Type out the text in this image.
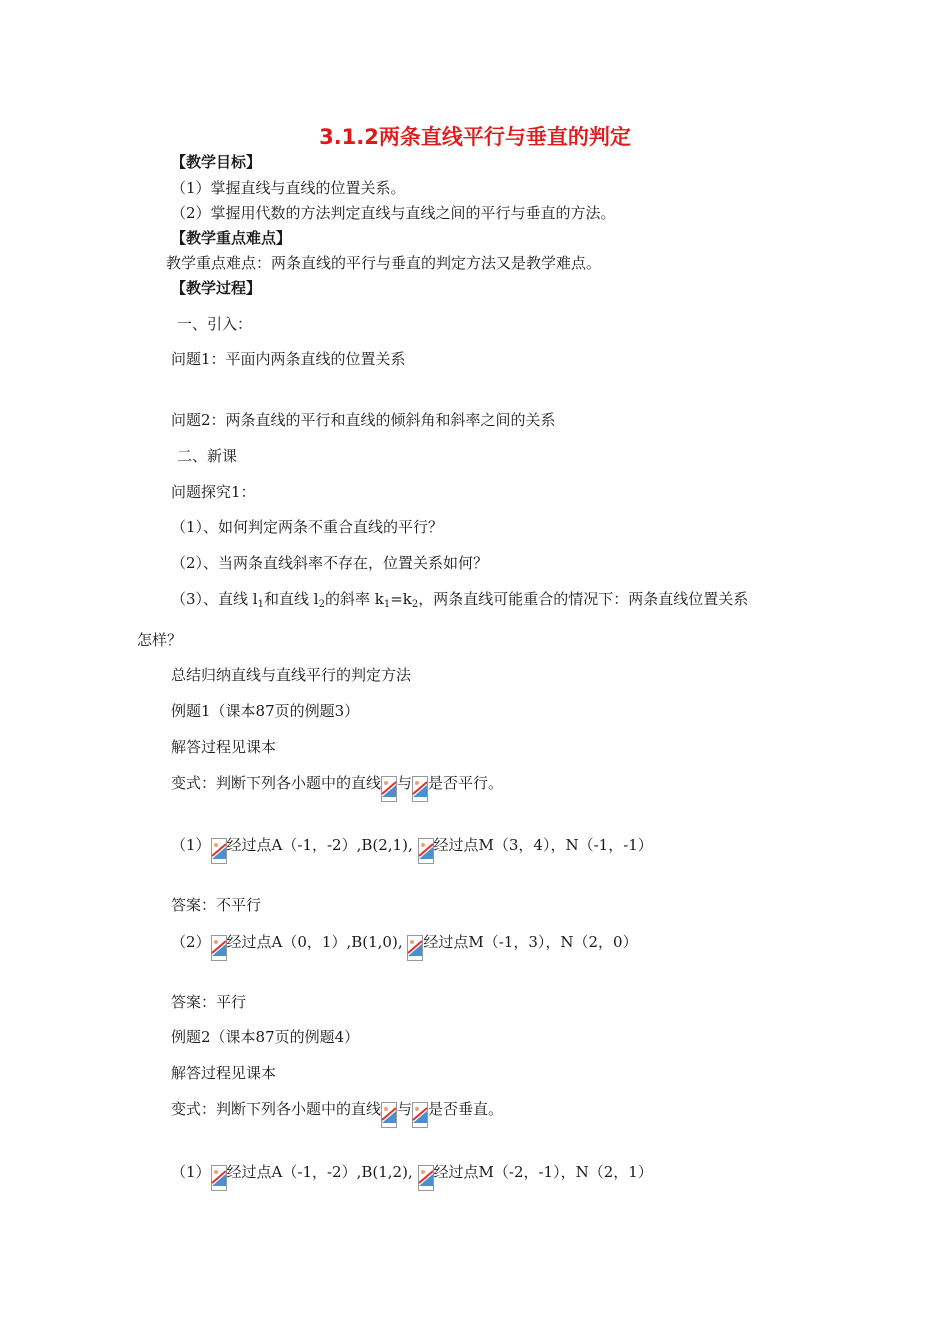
3.1.2两条直线平行与垂直的判定
【教学目标】
（1）掌握直线与直线的位置关系。
（2）掌握用代数的方法判定直线与直线之间的平行与垂直的方法。
【教学重点难点】
教学重点难点：两条直线的平行与垂直的判定方法又是教学难点。
【教学过程】
一、引入：
问题1：平面内两条直线的位置关系
问题2：两条直线的平行和直线的倾斜角和斜率之间的关系
二、新课
问题探究1：
（1）、如何判定两条不重合直线的平行？
（2）、当两条直线斜率不存在，位置关系如何？
（3）、直线 $l_1$和直线 $l_2$的斜率 $k_1=k_2$，两条直线可能重合的情况下：两条直线位置关系
怎样？
总结归纳直线与直线平行的判定方法
例题1（课本87页的例题3）
解答过程见课本
变式：判断下列各小题中的直线 与 是否平行。
（1） 经过点A（-1，-2）,B(2,1), 经过点M（3，4），N（-1，-1）
答案：不平行
（2） 经过点A（0，1）,B(1,0), 经过点M（-1，3），N（2，0）
答案：平行
例题2（课本87页的例题4）
解答过程见课本
变式：判断下列各小题中的直线 与 是否垂直。
（1） 经过点A（-1，-2）,B(1,2), 经过点M（-2，-1），N（2，1）
